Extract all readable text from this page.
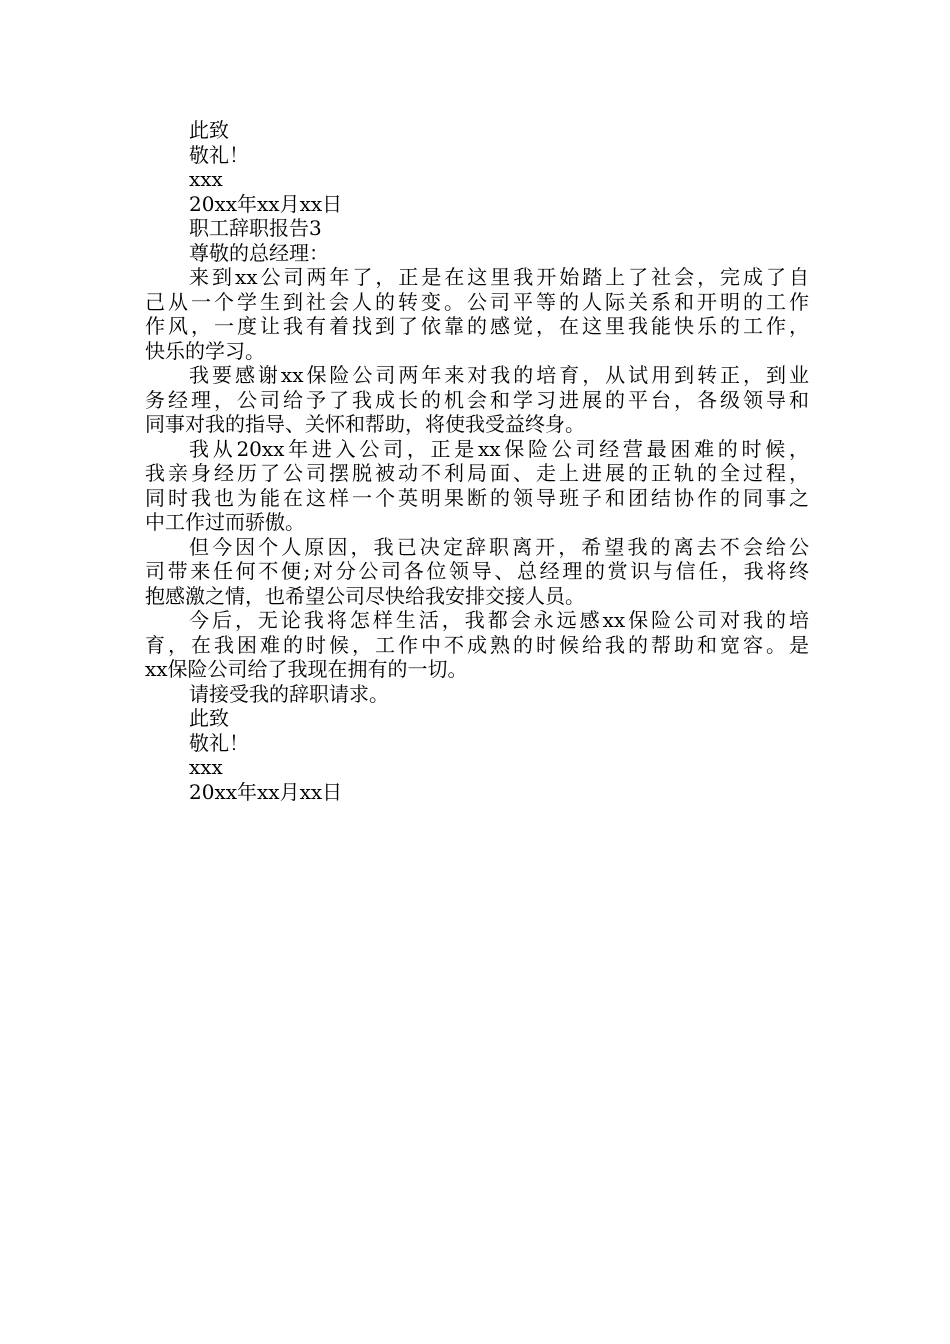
此致
敬礼！
xxx
20xx年xx月xx日
职工辞职报告3
尊敬的总经理：
来到xx公司两年了，正是在这里我开始踏上了社会，完成了自
己从一个学生到社会人的转变。公司平等的人际关系和开明的工作
作风，一度让我有着找到了依靠的感觉，在这里我能快乐的工作，
快乐的学习。
我要感谢xx保险公司两年来对我的培育，从试用到转正，到业
务经理，公司给予了我成长的机会和学习进展的平台，各级领导和
同事对我的指导、关怀和帮助，将使我受益终身。
我从20xx年进入公司，正是xx保险公司经营最困难的时候，
我亲身经历了公司摆脱被动不利局面、走上进展的正轨的全过程，
同时我也为能在这样一个英明果断的领导班子和团结协作的同事之
中工作过而骄傲。
但今因个人原因，我已决定辞职离开，希望我的离去不会给公
司带来任何不便;对分公司各位领导、总经理的赏识与信任，我将终
抱感激之情，也希望公司尽快给我安排交接人员。
今后，无论我将怎样生活，我都会永远感xx保险公司对我的培
育，在我困难的时候，工作中不成熟的时候给我的帮助和宽容。是
xx保险公司给了我现在拥有的一切。
请接受我的辞职请求。
此致
敬礼！
xxx
20xx年xx月xx日
